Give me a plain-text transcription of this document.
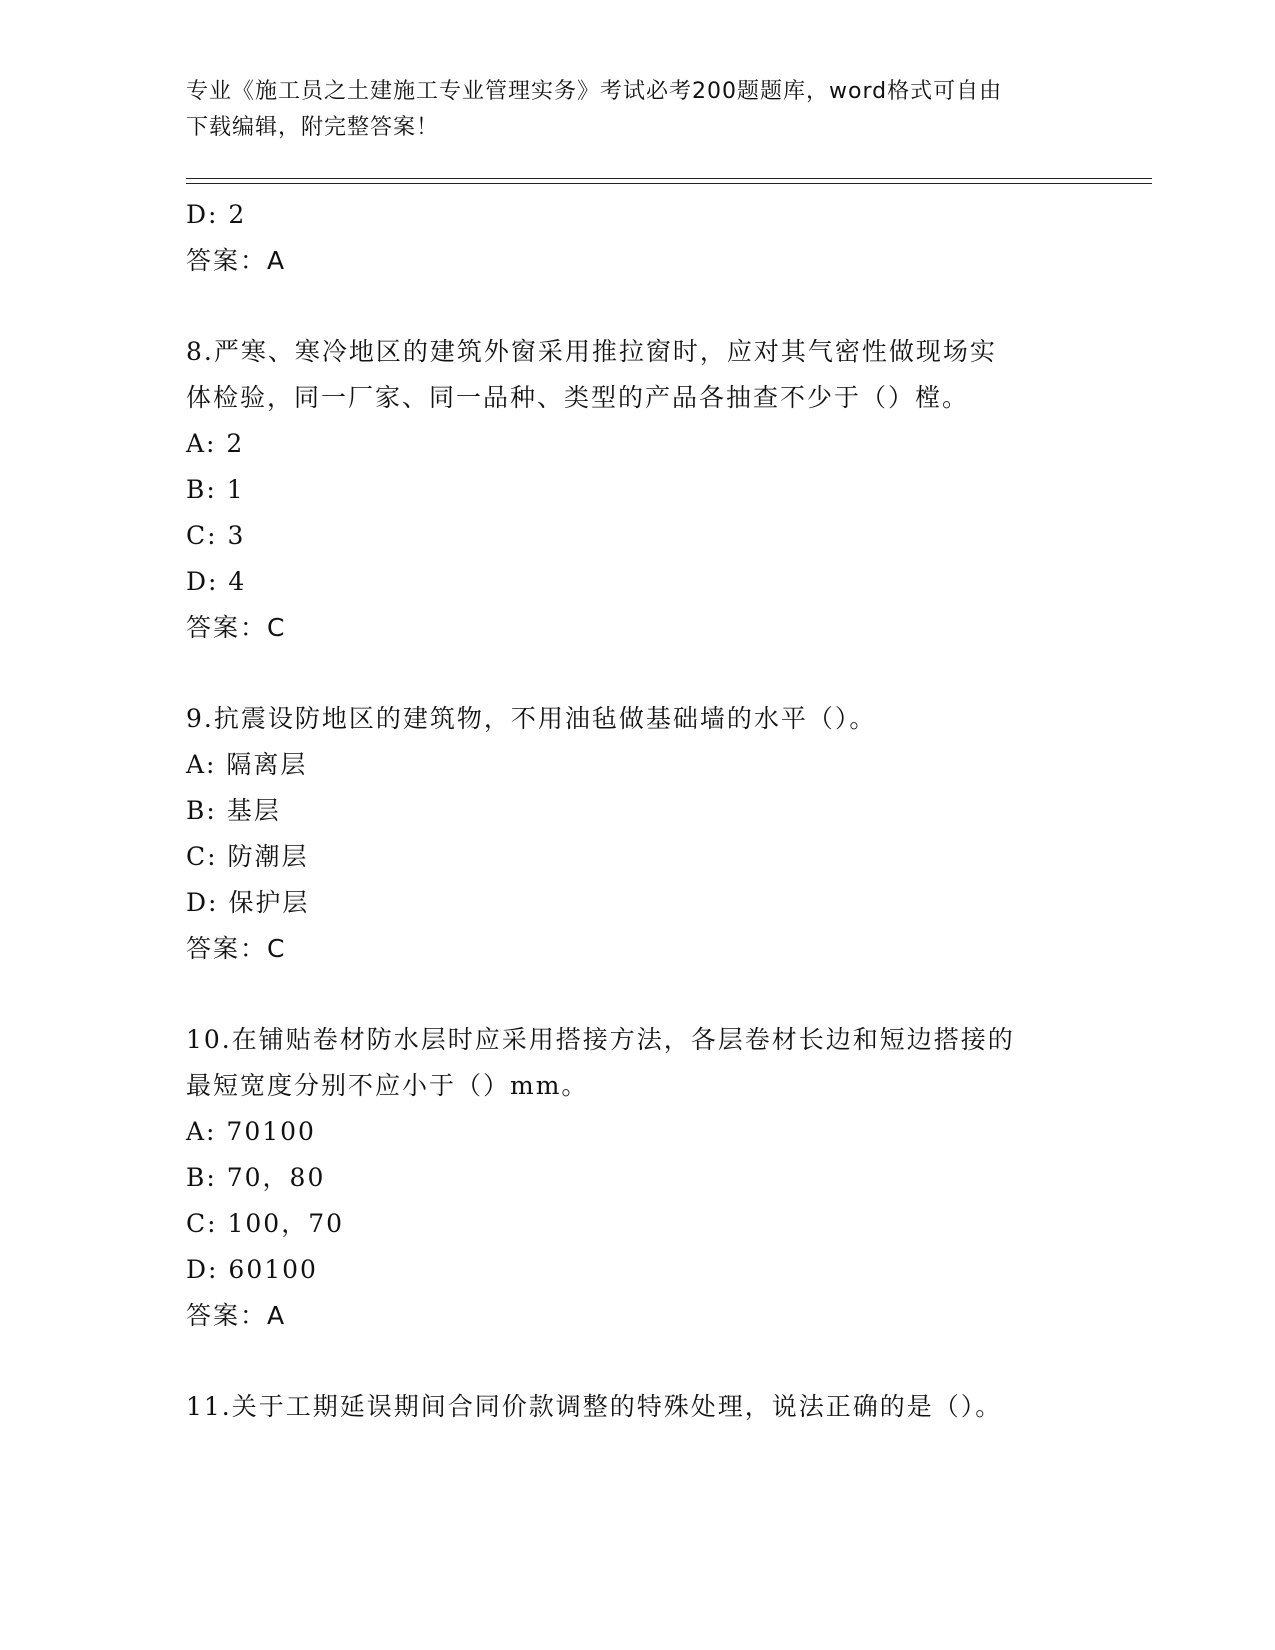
专业《施工员之土建施工专业管理实务》考试必考200题题库，word格式可自由
下载编辑，附完整答案！
D: 2
答案：A
8.严寒、寒冷地区的建筑外窗采用推拉窗时，应对其气密性做现场实
体检验，同一厂家、同一品种、类型的产品各抽查不少于（）樘。
A: 2
B: 1
C: 3
D: 4
答案：C
9.抗震设防地区的建筑物，不用油毡做基础墙的水平（）。
A: 隔离层
B: 基层
C: 防潮层
D: 保护层
答案：C
10.在铺贴卷材防水层时应采用搭接方法，各层卷材长边和短边搭接的
最短宽度分别不应小于（）mm。
A: 70100
B: 70，80
C: 100，70
D: 60100
答案：A
11.关于工期延误期间合同价款调整的特殊处理，说法正确的是（）。
